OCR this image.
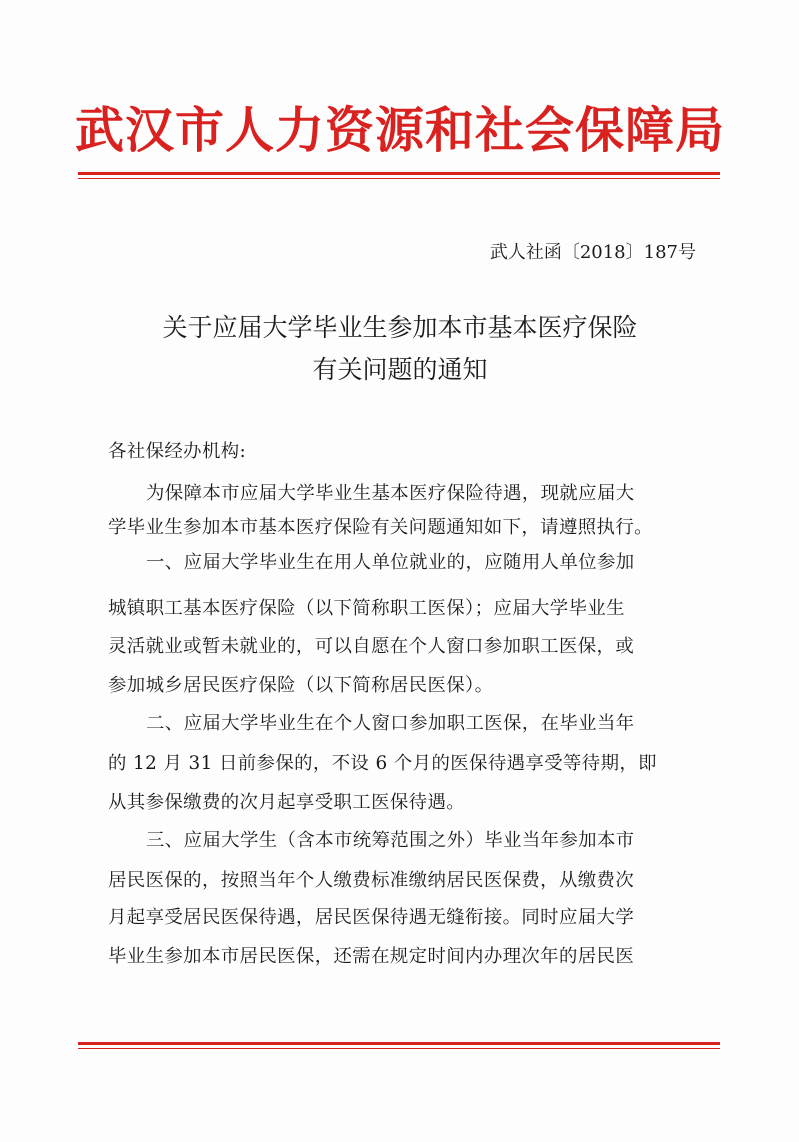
武汉市人力资源和社会保障局
武人社函〔2018〕187号
关于应届大学毕业生参加本市基本医疗保险
有关问题的通知
各社保经办机构:
为保障本市应届大学毕业生基本医疗保险待遇，现就应届大
学毕业生参加本市基本医疗保险有关问题通知如下，请遵照执行。
一、应届大学毕业生在用人单位就业的，应随用人单位参加
城镇职工基本医疗保险（以下简称职工医保）；应届大学毕业生
灵活就业或暂未就业的，可以自愿在个人窗口参加职工医保，或
参加城乡居民医疗保险（以下简称居民医保）。
二、应届大学毕业生在个人窗口参加职工医保，在毕业当年
的 12 月 31 日前参保的，不设 6 个月的医保待遇享受等待期，即
从其参保缴费的次月起享受职工医保待遇。
三、应届大学生（含本市统筹范围之外）毕业当年参加本市
居民医保的，按照当年个人缴费标准缴纳居民医保费，从缴费次
月起享受居民医保待遇，居民医保待遇无缝衔接。同时应届大学
毕业生参加本市居民医保，还需在规定时间内办理次年的居民医
